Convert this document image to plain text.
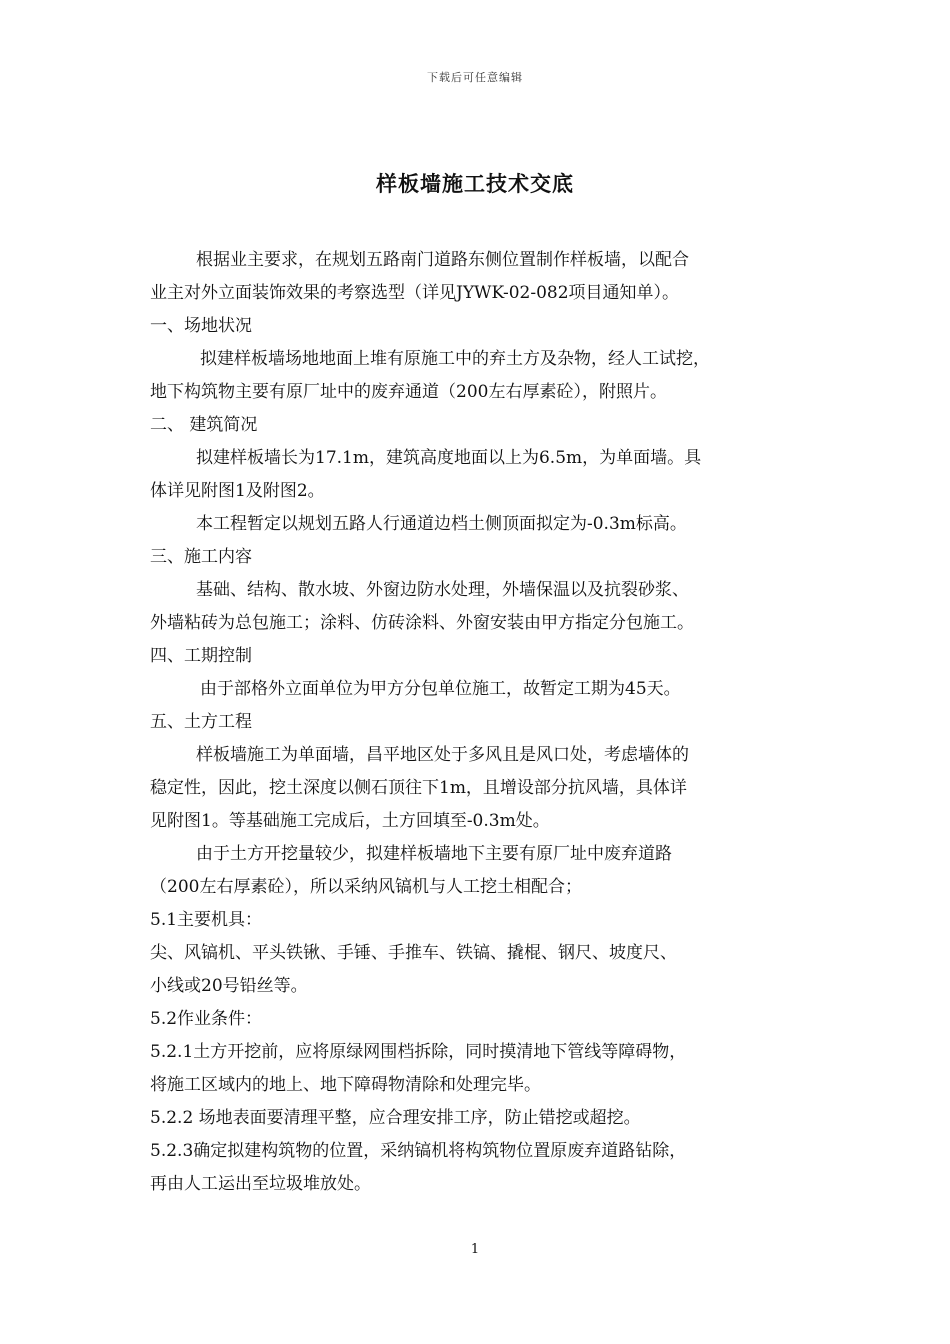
下载后可任意编辑
样板墙施工技术交底
根据业主要求，在规划五路南门道路东侧位置制作样板墙，以配合
业主对外立面装饰效果的考察选型（详见JYWK-02-082项目通知单）。
一、场地状况
拟建样板墙场地地面上堆有原施工中的弃土方及杂物，经人工试挖，
地下构筑物主要有原厂址中的废弃通道（200左右厚素砼），附照片。
二、 建筑简况
拟建样板墙长为17.1m，建筑高度地面以上为6.5m，为单面墙。具
体详见附图1及附图2。
本工程暂定以规划五路人行通道边档土侧顶面拟定为-0.3m标高。
三、施工内容
基础、结构、散水坡、外窗边防水处理，外墙保温以及抗裂砂浆、
外墙粘砖为总包施工；涂料、仿砖涂料、外窗安装由甲方指定分包施工。
四、工期控制
由于部格外立面单位为甲方分包单位施工，故暂定工期为45天。
五、土方工程
样板墙施工为单面墙，昌平地区处于多风且是风口处，考虑墙体的
稳定性，因此，挖土深度以侧石顶往下1m，且增设部分抗风墙，具体详
见附图1。等基础施工完成后，土方回填至-0.3m处。
由于土方开挖量较少，拟建样板墙地下主要有原厂址中废弃道路
（200左右厚素砼），所以采纳风镐机与人工挖土相配合；
5.1主要机具：
尖、风镐机、平头铁锹、手锤、手推车、铁镐、撬棍、钢尺、坡度尺、
小线或20号铅丝等。
5.2作业条件：
5.2.1土方开挖前，应将原绿网围档拆除，同时摸清地下管线等障碍物，
将施工区域内的地上、地下障碍物清除和处理完毕。
5.2.2 场地表面要清理平整，应合理安排工序，防止错挖或超挖。
5.2.3确定拟建构筑物的位置，采纳镐机将构筑物位置原废弃道路钻除，
再由人工运出至垃圾堆放处。
1
